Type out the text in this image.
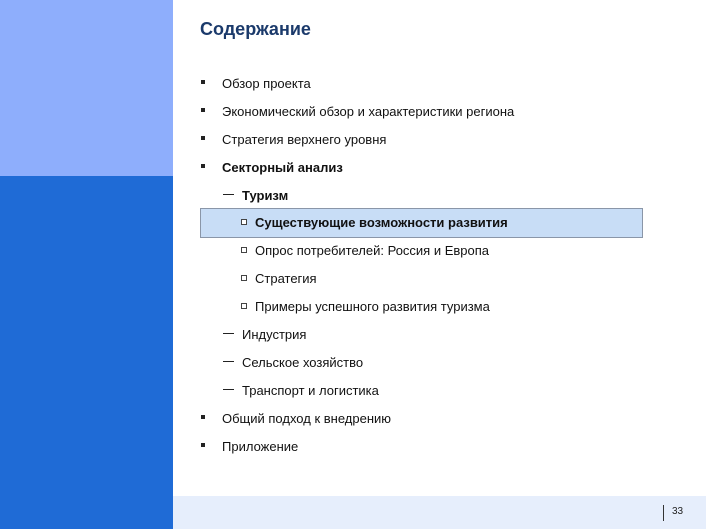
33
Содержание
Обзор проекта
Экономический обзор и характеристики региона
Стратегия верхнего уровня
Секторный анализ
Туризм
Существующие возможности развития
Опрос потребителей: Россия и Европа
Стратегия
Примеры успешного развития туризма
Индустрия
Сельское хозяйство
Транспорт и логистика
Общий подход к внедрению
Приложение
